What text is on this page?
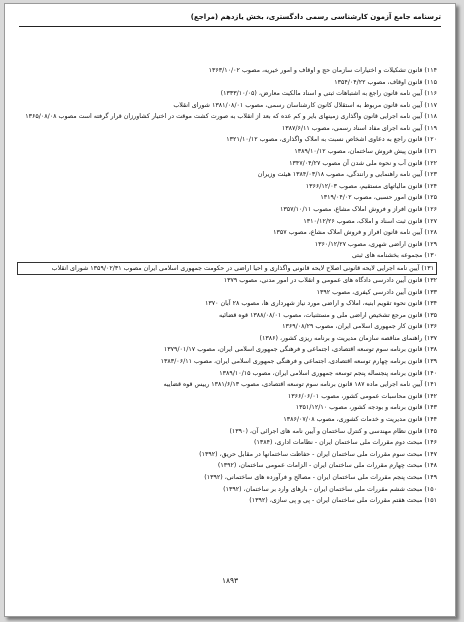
ترسنامه جامع آزمون کارشناسی رسمی دادگستری، بخش یازدهم (مراجع)
۱۱۴) قانون تشکیلات و اختیارات سازمان حج و اوقاف و امور خیریه، مصوب ۱۳۶۳/۱۰/۰۲
۱۱۵) قانون اوقاف، مصوب ۱۳۵۴/۰۴/۲۲
۱۱۶) آیین نامه قانون راجع به اشتباهات ثبتی و اسناد مالکیت معارض، (۱۳۳۳/۱۰/۰۵)
۱۱۷) آیین نامه قانون مربوط به استقلال کانون کارشناسان رسمی، مصوب ۱۳۸۱/۰۸/۰۱ شورای انقلاب
۱۱۸) آیین نامه اجرایی قانون واگذاری زمینهای بایر و کم عده که بعد از انقلاب به صورت کشت موقت در اختیار کشاورزان قرار گرفته است مصوب ۱۳۶۵/۰۸/۰۸
۱۱۹) آیین نامه اجرای مفاد اسناد رسمی، مصوب ۱۳۸۷/۶/۱۱
۱۲۰) قانون راجع به دعاوی اشخاص نسبت به املاک واگذاری، مصوب ۱۳۲۱/۱۰/۱۲
۱۲۱) قانون پیش فروش ساختمان، مصوب ۱۳۸۹/۱۰/۱۲
۱۲۲) قانون آب و نحوه ملی شدن آن مصوب ۱۳۴۷/۰۴/۲۷
۱۲۳) آیین نامه راهنمایی و رانندگی، مصوب ۱۳۸۴/۰۳/۱۸ هیئت وزیران
۱۲۴) قانون مالیاتهای مستقیم، مصوب ۱۳۶۶/۱۲/۰۳
۱۲۵) قانون امور حسبی، مصوب ۱۳۱۹/۰۴/۰۲
۱۲۶) قانون افراز و فروش املاک مشاع، مصوب ۱۳۵۷/۱۰/۱۱
۱۲۷) قانون ثبت اسناد و املاک، مصوب ۱۳۱۰/۱۲/۲۶
۱۲۸) آیین نامه قانون افراز و فروش املاک مشاع، مصوب ۱۳۵۷
۱۲۹) قانون اراضی شهری، مصوب ۱۳۶۰/۱۲/۲۷
۱۳۰) مجموعه بخشنامه های ثبتی
۱۳۱) آیین نامه اجرایی لایحه قانونی اصلاح لایحه قانونی واگذاری و احیا اراضی در حکومت جمهوری اسلامی ایران مصوب ۱۳۵۹/۰۲/۳۱ شورای انقلاب
۱۳۲) قانون آیین دادرسی دادگاه های عمومی و انقلاب در امور مدنی، مصوب ۱۳۷۹
۱۳۳) قانون آیین دادرسی کیفری، مصوب ۱۳۹۲
۱۳۴) قانون نحوه تقویم ابنیه، املاک و اراضی مورد نیاز شهرداری ها، مصوب ۲۸ آبان ۱۳۷۰
۱۳۵) قانون مرجع تشخیص اراضی ملی و مستثنیات، مصوب ۱۳۸۸/۰۸/۰۱ قوه قضائیه
۱۳۶) قانون کار جمهوری اسلامی ایران، مصوب ۱۳۶۹/۰۸/۲۹
۱۳۷) راهنمای مناقصه سازمان مدیریت و برنامه ریزی کشور، (۱۳۸۶)
۱۳۸) قانون برنامه سوم توسعه اقتصادی، اجتماعی و فرهنگی جمهوری اسلامی ایران، مصوب ۱۳۷۹/۰۱/۱۷
۱۳۹) قانون برنامه چهارم توسعه اقتصادی، اجتماعی و فرهنگی جمهوری اسلامی ایران، مصوب ۱۳۸۳/۰۶/۱۱
۱۴۰) قانون برنامه پنجساله پنجم توسعه جمهوری اسلامی ایران، مصوب ۱۳۸۹/۱۰/۱۵
۱۴۱) آیین نامه اجرایی ماده ۱۸۷ قانون برنامه سوم توسعه اقتصادی، مصوب ۱۳۸۱/۶/۱۳ رییس قوه قضاییه
۱۴۲) قانون محاسبات عمومی کشور، مصوب ۱۳۶۶/۰۶/۰۱
۱۴۳) قانون برنامه و بودجه کشور، مصوب ۱۳۵۱/۱۲/۱۰
۱۴۴) قانون مدیریت و خدمات کشوری، مصوب ۱۳۸۶/۰۷/۰۸
۱۴۵) قانون نظام مهندسی و کنترل ساختمان و آیین نامه های اجرائی آن، (۱۳۹۰)
۱۴۶) مبحث دوم مقررات ملی ساختمان ایران - نظامات اداری، (۱۳۸۴)
۱۴۷) مبحث سوم مقررات ملی ساختمان ایران - حفاظت ساختمانها در مقابل حریق، (۱۳۹۲)
۱۴۸) مبحث چهارم مقررات ملی ساختمان ایران - الزامات عمومی ساختمان، (۱۳۹۲)
۱۴۹) مبحث پنجم مقررات ملی ساختمان ایران - مصالح و فرآورده های ساختمانی، (۱۳۹۲)
۱۵۰) مبحث ششم مقررات ملی ساختمان ایران - بارهای وارد بر ساختمان، (۱۳۹۲)
۱۵۱) مبحث هفتم مقررات ملی ساختمان ایران - پی و پی سازی، (۱۳۹۲)
۱۸۹۳
